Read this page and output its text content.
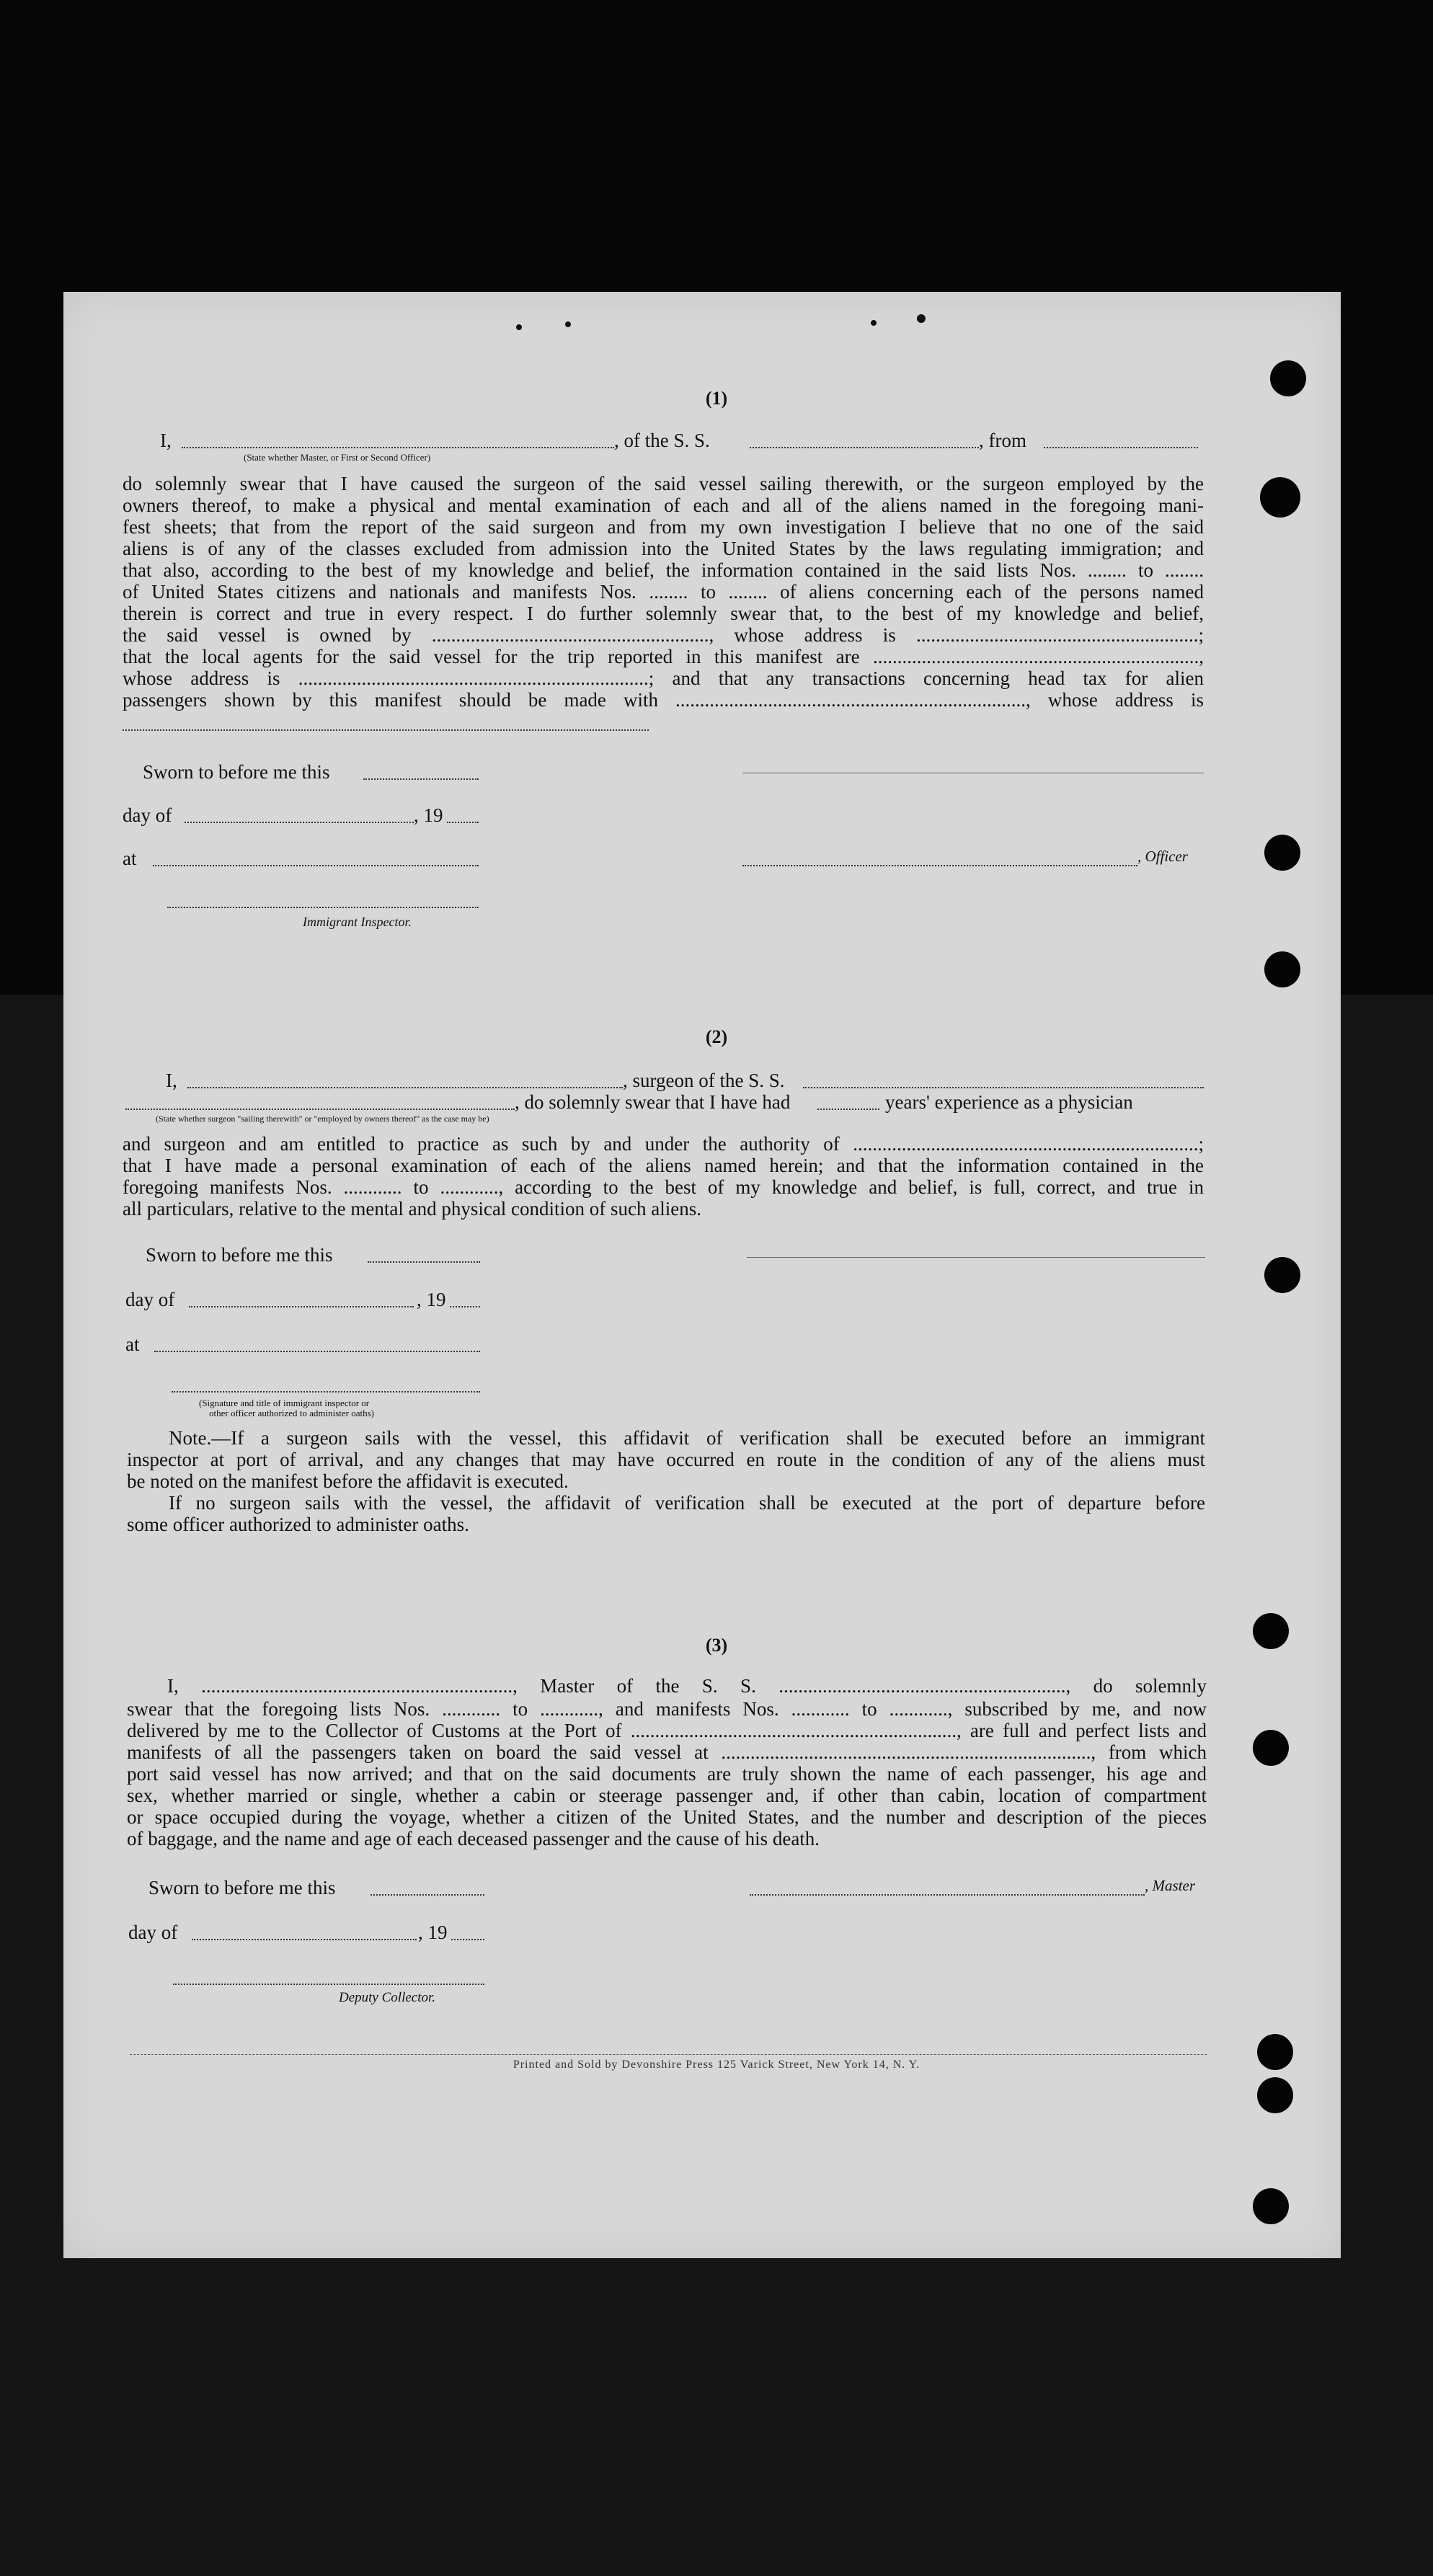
(1)
I,	, of the S. S.	, from
(State whether Master, or First or Second Officer)
do solemnly swear that I have caused the surgeon of the said vessel sailing therewith, or the surgeon employed by the
owners thereof, to make a physical and mental examination of each and all of the aliens named in the foregoing mani-
fest sheets; that from the report of the said surgeon and from my own investigation I believe that no one of the said
aliens is of any of the classes excluded from admission into the United States by the laws regulating immigration; and
that also, according to the best of my knowledge and belief, the information contained in the said lists Nos. ........ to ........
of United States citizens and nationals and manifests Nos. ........ to ........ of aliens concerning each of the persons named
therein is correct and true in every respect. I do further solemnly swear that, to the best of my knowledge and belief,
the said vessel is owned by ........................................................., whose address is ..........................................................;
that the local agents for the said vessel for the trip reported in this manifest are ...................................................................,
whose address is ........................................................................; and that any transactions concerning head tax for alien
passengers shown by this manifest should be made with ........................................................................, whose address is
Sworn to before me this
day of	, 19
at	, Officer
Immigrant Inspector.
(2)
I,	, surgeon of the S. S.
, do solemnly swear that I have had	years' experience as a physician
(State whether surgeon "sailing therewith" or "employed by owners thereof" as the case may be)
and surgeon and am entitled to practice as such by and under the authority of .......................................................................;
that I have made a personal examination of each of the aliens named herein; and that the information contained in the
foregoing manifests Nos. ............ to ............, according to the best of my knowledge and belief, is full, correct, and true in
all particulars, relative to the mental and physical condition of such aliens.
Sworn to before me this
day of	, 19
at
(Signature and title of immigrant inspector or
other officer authorized to administer oaths)
Note.—If a surgeon sails with the vessel, this affidavit of verification shall be executed before an immigrant
inspector at port of arrival, and any changes that may have occurred en route in the condition of any of the aliens must
be noted on the manifest before the affidavit is executed.
If no surgeon sails with the vessel, the affidavit of verification shall be executed at the port of departure before
some officer authorized to administer oaths.
(3)
I, ................................................................, Master of the S. S. ..........................................................., do solemnly
swear that the foregoing lists Nos. ............ to ............, and manifests Nos. ............ to ............, subscribed by me, and now
delivered by me to the Collector of Customs at the Port of ..................................................................., are full and perfect lists and
manifests of all the passengers taken on board the said vessel at ............................................................................, from which
port said vessel has now arrived; and that on the said documents are truly shown the name of each passenger, his age and
sex, whether married or single, whether a cabin or steerage passenger and, if other than cabin, location of compartment
or space occupied during the voyage, whether a citizen of the United States, and the number and description of the pieces
of baggage, and the name and age of each deceased passenger and the cause of his death.
Sworn to before me this	, Master
day of	, 19
Deputy Collector.
Printed and Sold by Devonshire Press 125 Varick Street, New York 14, N. Y.
